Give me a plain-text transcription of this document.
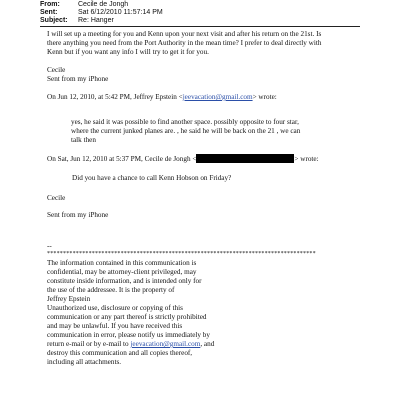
From:	Cecile de Jongh
Sent:	Sat 6/12/2010 11:57:14 PM
Subject: Re: Hanger
I will set up a meeting for you and Kenn upon your next visit and after his return on the 21st. Is
there anything you need from the Port Authority in the mean time? I prefer to deal directly with
Kenn but if you want any info I will try to get it for you.
Cecile
Sent from my iPhone
On Jun 12, 2010, at 5:42 PM, Jeffrey Epstein <jeevacation@gmail.com> wrote:
yes, he said it was possible to find another space. possibly opposite to four star,
where the current junked planes are. , he said he will be back on the 21 , we can
talk then
On Sat, Jun 12, 2010 at 5:37 PM, Cecile de Jongh <	> wrote:
Did you have a chance to call Kenn Hobson on Friday?
Cecile
Sent from my iPhone
--
************************************************************************************
The information contained in this communication is
confidential, may be attorney-client privileged, may
constitute inside information, and is intended only for
the use of the addressee. It is the property of
Jeffrey Epstein
Unauthorized use, disclosure or copying of this
communication or any part thereof is strictly prohibited
and may be unlawful. If you have received this
communication in error, please notify us immediately by
return e-mail or by e-mail to jeevacation@gmail.com, and
destroy this communication and all copies thereof,
including all attachments.
